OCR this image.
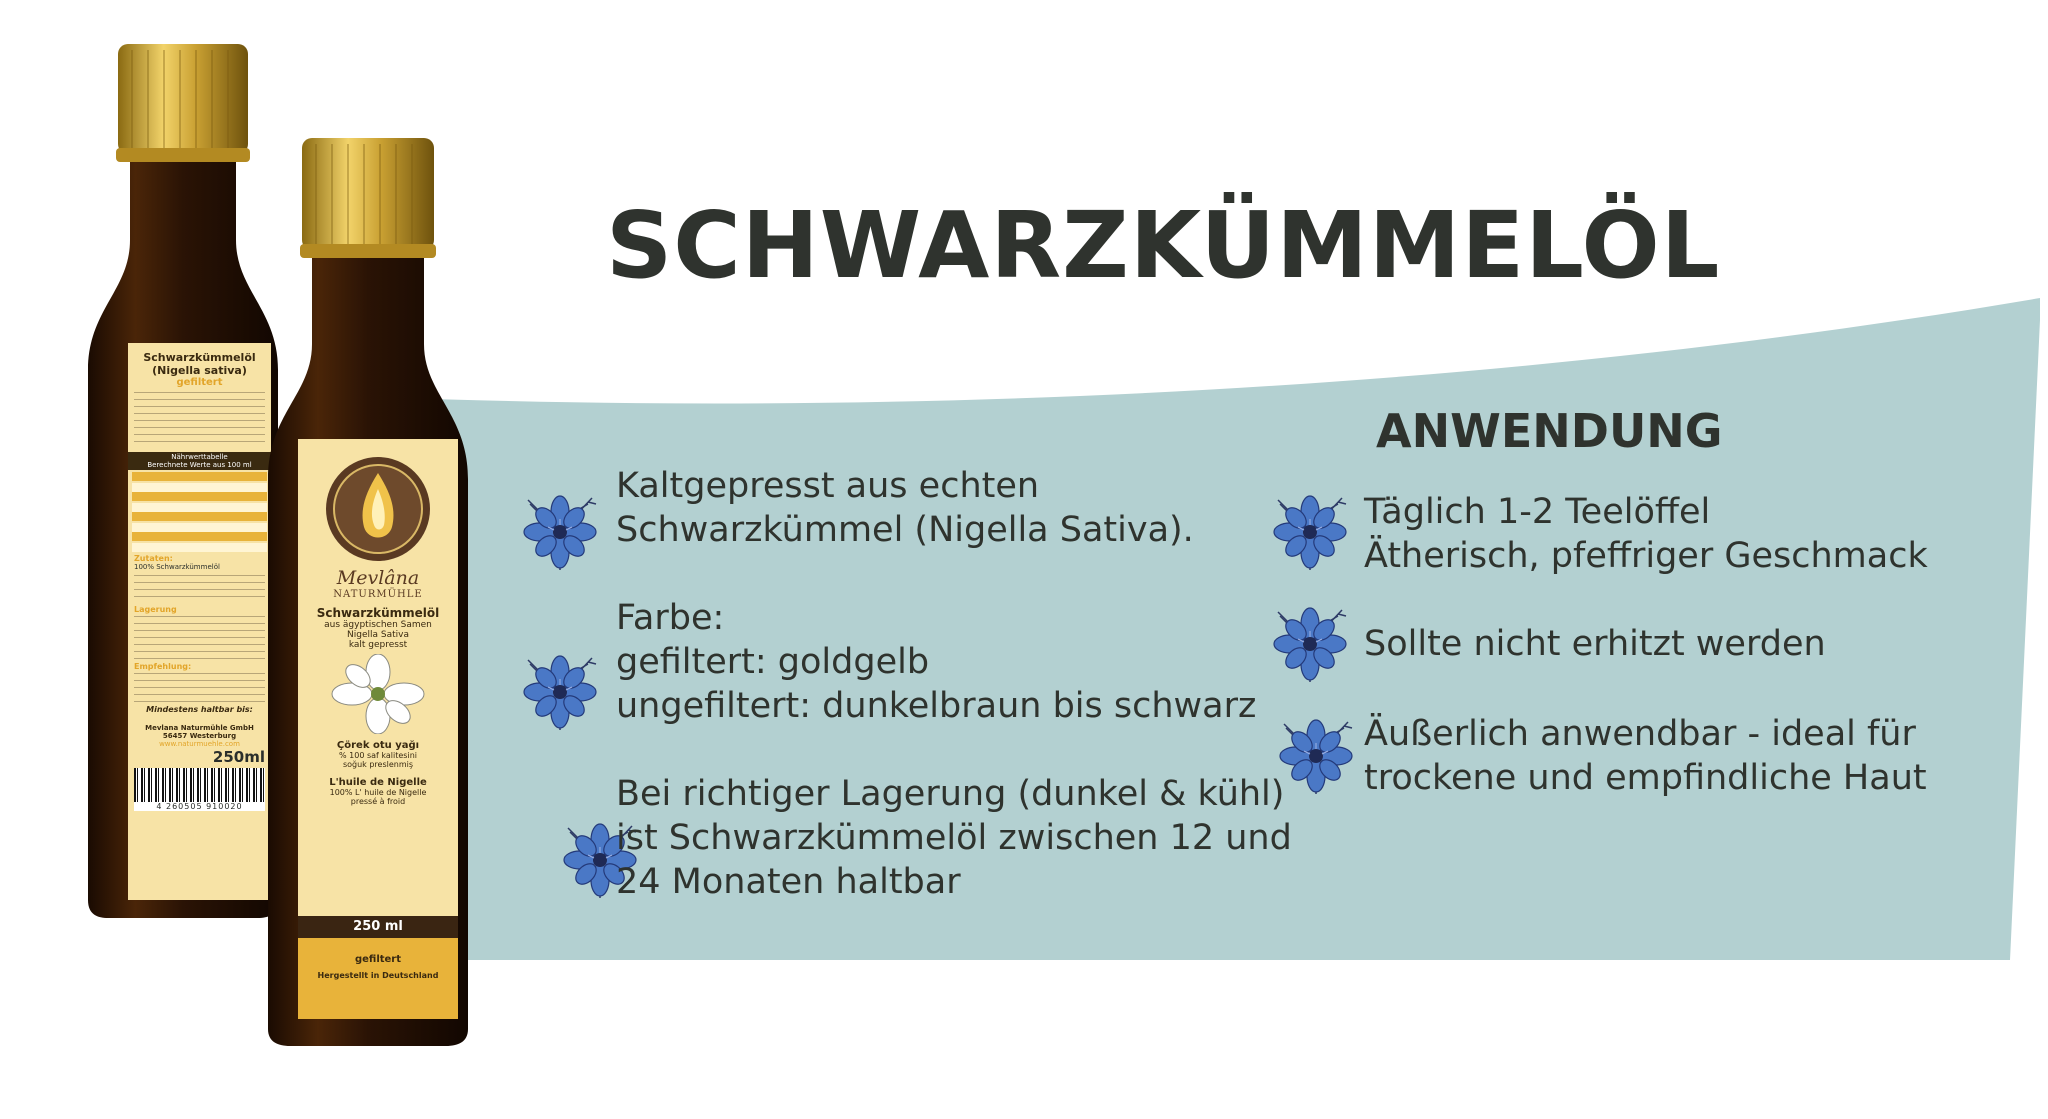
SCHWARZKÜMMELÖL
ANWENDUNG
Kaltgepresst aus echten
Schwarzkümmel (Nigella Sativa).
Farbe:
gefiltert: goldgelb
ungefiltert: dunkelbraun bis schwarz
Bei richtiger Lagerung (dunkel & kühl)
ist Schwarzkümmelöl zwischen 12 und
24 Monaten haltbar
Täglich 1-2 Teelöffel
Ätherisch, pfeffriger Geschmack
Sollte nicht erhitzt werden
Äußerlich anwendbar - ideal für
trockene und empfindliche Haut
Schwarzkümmelöl
(Nigella sativa)
gefiltert
Nährwerttabelle
Berechnete Werte aus 100 ml
Zutaten:
100% Schwarzkümmelöl
Lagerung
Empfehlung:
Mindestens haltbar bis:
Mevlana Naturmühle GmbH
56457 Westerburg
www.naturmuehle.com
250ml
4 260505 910020
Mevlâna
NATURMÜHLE
Schwarzkümmelöl
aus ägyptischen Samen
Nigella Sativa
kalt gepresst
Çörek otu yağı
% 100 saf kalitesini
soğuk preslenmiş
L'huile de Nigelle
100% L' huile de Nigelle
pressé à froid
250 ml
gefiltert
Hergestellt in Deutschland
